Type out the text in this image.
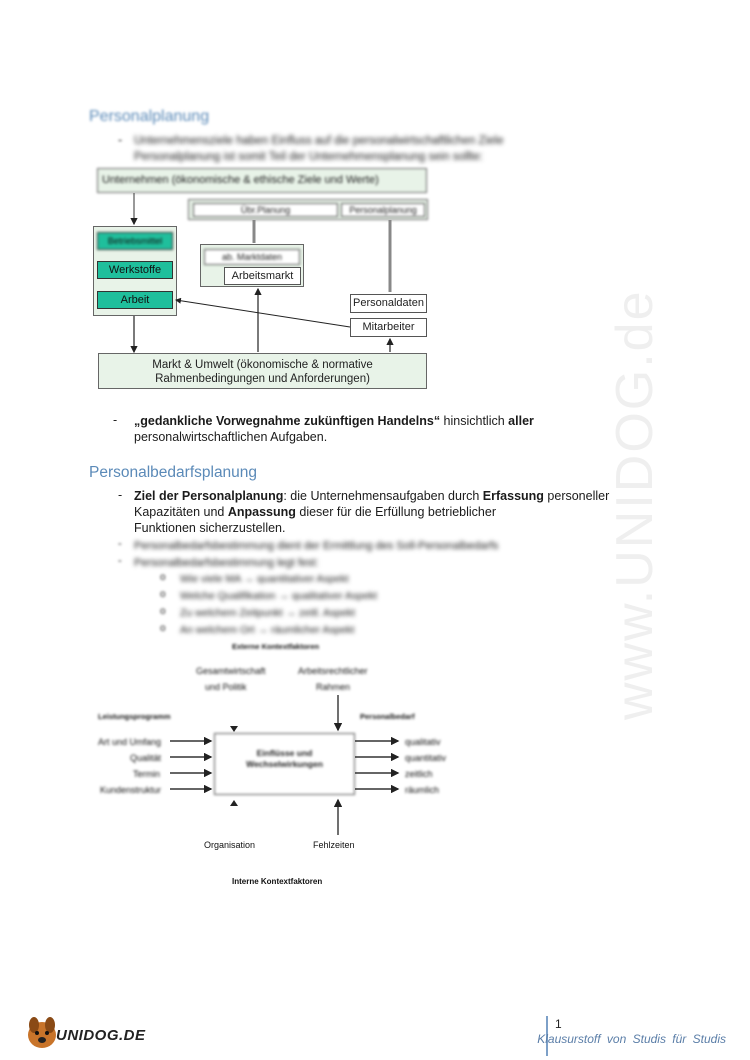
www.UNIDOG.de
Personalplanung
- Unternehmensziele haben Einfluss auf die personalwirtschaftlichen Ziele
Personalplanung ist somit Teil der Unternehmensplanung sein sollte:
Unternehmen (ökonomische & ethische Ziele und Werte)
Übr.Planung	Personalplanung
Betriebsmittel
Werkstoffe
Arbeit
ab. Marktdaten
Arbeitsmarkt
Personaldaten
Mitarbeiter
Markt & Umwelt (ökonomische & normative
Rahmenbedingungen und Anforderungen)
- „gedankliche Vorwegnahme zukünftigen Handelns“ hinsichtlich aller
personalwirtschaftlichen Aufgaben.
Personalbedarfsplanung
- Ziel der Personalplanung: die Unternehmensaufgaben durch Erfassung personeller
Kapazitäten und Anpassung dieser für die Erfüllung betrieblicher
Funktionen sicherzustellen.
- Personalbedarfsbestimmung dient der Ermittlung des Soll-Personalbedarfs
- Personalbedarfsbestimmung legt fest:
o Wie viele MA → quantitativer Aspekt
o Welche Qualifikation → qualitativer Aspekt
o Zu welchem Zeitpunkt → zeitl. Aspekt
o An welchem Ort → räumlicher Aspekt
Externe Kontextfaktoren
Gesamtwirtschaft
und Politik
Arbeitsrechtlicher
Rahmen
Leistungsprogramm	Personalbedarf
Art und Umfang
Qualität
Termin
Kundenstruktur
qualitativ
quantitativ
zeitlich
räumlich
Einflüsse und
Wechselwirkungen
Organisation	Fehlzeiten
Interne Kontextfaktoren
UNIDOG.DE
1
Klausurstoff von Studis für Studis
